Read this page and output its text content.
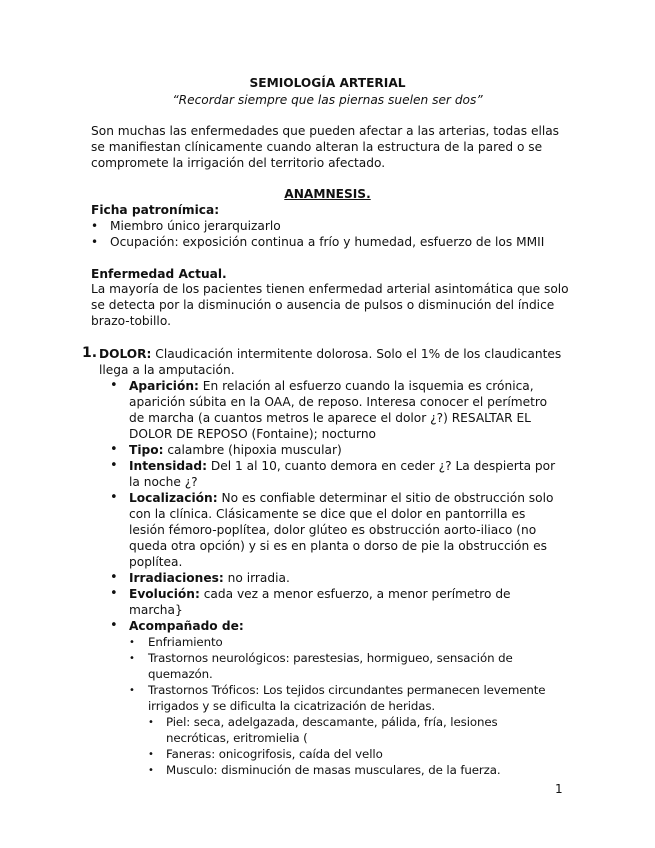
SEMIOLOGÍA ARTERIAL
“Recordar siempre que las piernas suelen ser dos”
Son muchas las enfermedades que pueden afectar a las arterias, todas ellas se manifiestan clínicamente cuando alteran la estructura de la pared o se compromete la irrigación del territorio afectado.
ANAMNESIS.
Ficha patronímica:
• Miembro único jerarquizarlo
• Ocupación: exposición continua a frío y humedad, esfuerzo de los MMII
Enfermedad Actual.
La mayoría de los pacientes tienen enfermedad arterial asintomática que solo se detecta por la disminución o ausencia de pulsos o disminución del índice brazo-tobillo.
1. DOLOR: Claudicación intermitente dolorosa. Solo el 1% de los claudicantes llega a la amputación.
• Aparición: En relación al esfuerzo cuando la isquemia es crónica, aparición súbita en la OAA, de reposo. Interesa conocer el perímetro de marcha (a cuantos metros le aparece el dolor ¿?) RESALTAR EL DOLOR DE REPOSO (Fontaine); nocturno
• Tipo: calambre (hipoxia muscular)
• Intensidad: Del 1 al 10, cuanto demora en ceder ¿? La despierta por la noche ¿?
• Localización: No es confiable determinar el sitio de obstrucción solo con la clínica. Clásicamente se dice que el dolor en pantorrilla es lesión fémoro-poplítea, dolor glúteo es obstrucción aorto-iliaco (no queda otra opción) y si es en planta o dorso de pie la obstrucción es poplítea.
• Irradiaciones: no irradia.
• Evolución: cada vez a menor esfuerzo, a menor perímetro de marcha}
• Acompañado de:
• Enfriamiento
• Trastornos neurológicos: parestesias, hormigueo, sensación de quemazón.
• Trastornos Tróficos: Los tejidos circundantes permanecen levemente irrigados y se dificulta la cicatrización de heridas.
• Piel: seca, adelgazada, descamante, pálida, fría, lesiones necróticas, eritromielia (
• Faneras: onicogrifosis, caída del vello
• Musculo: disminución de masas musculares, de la fuerza.
1
